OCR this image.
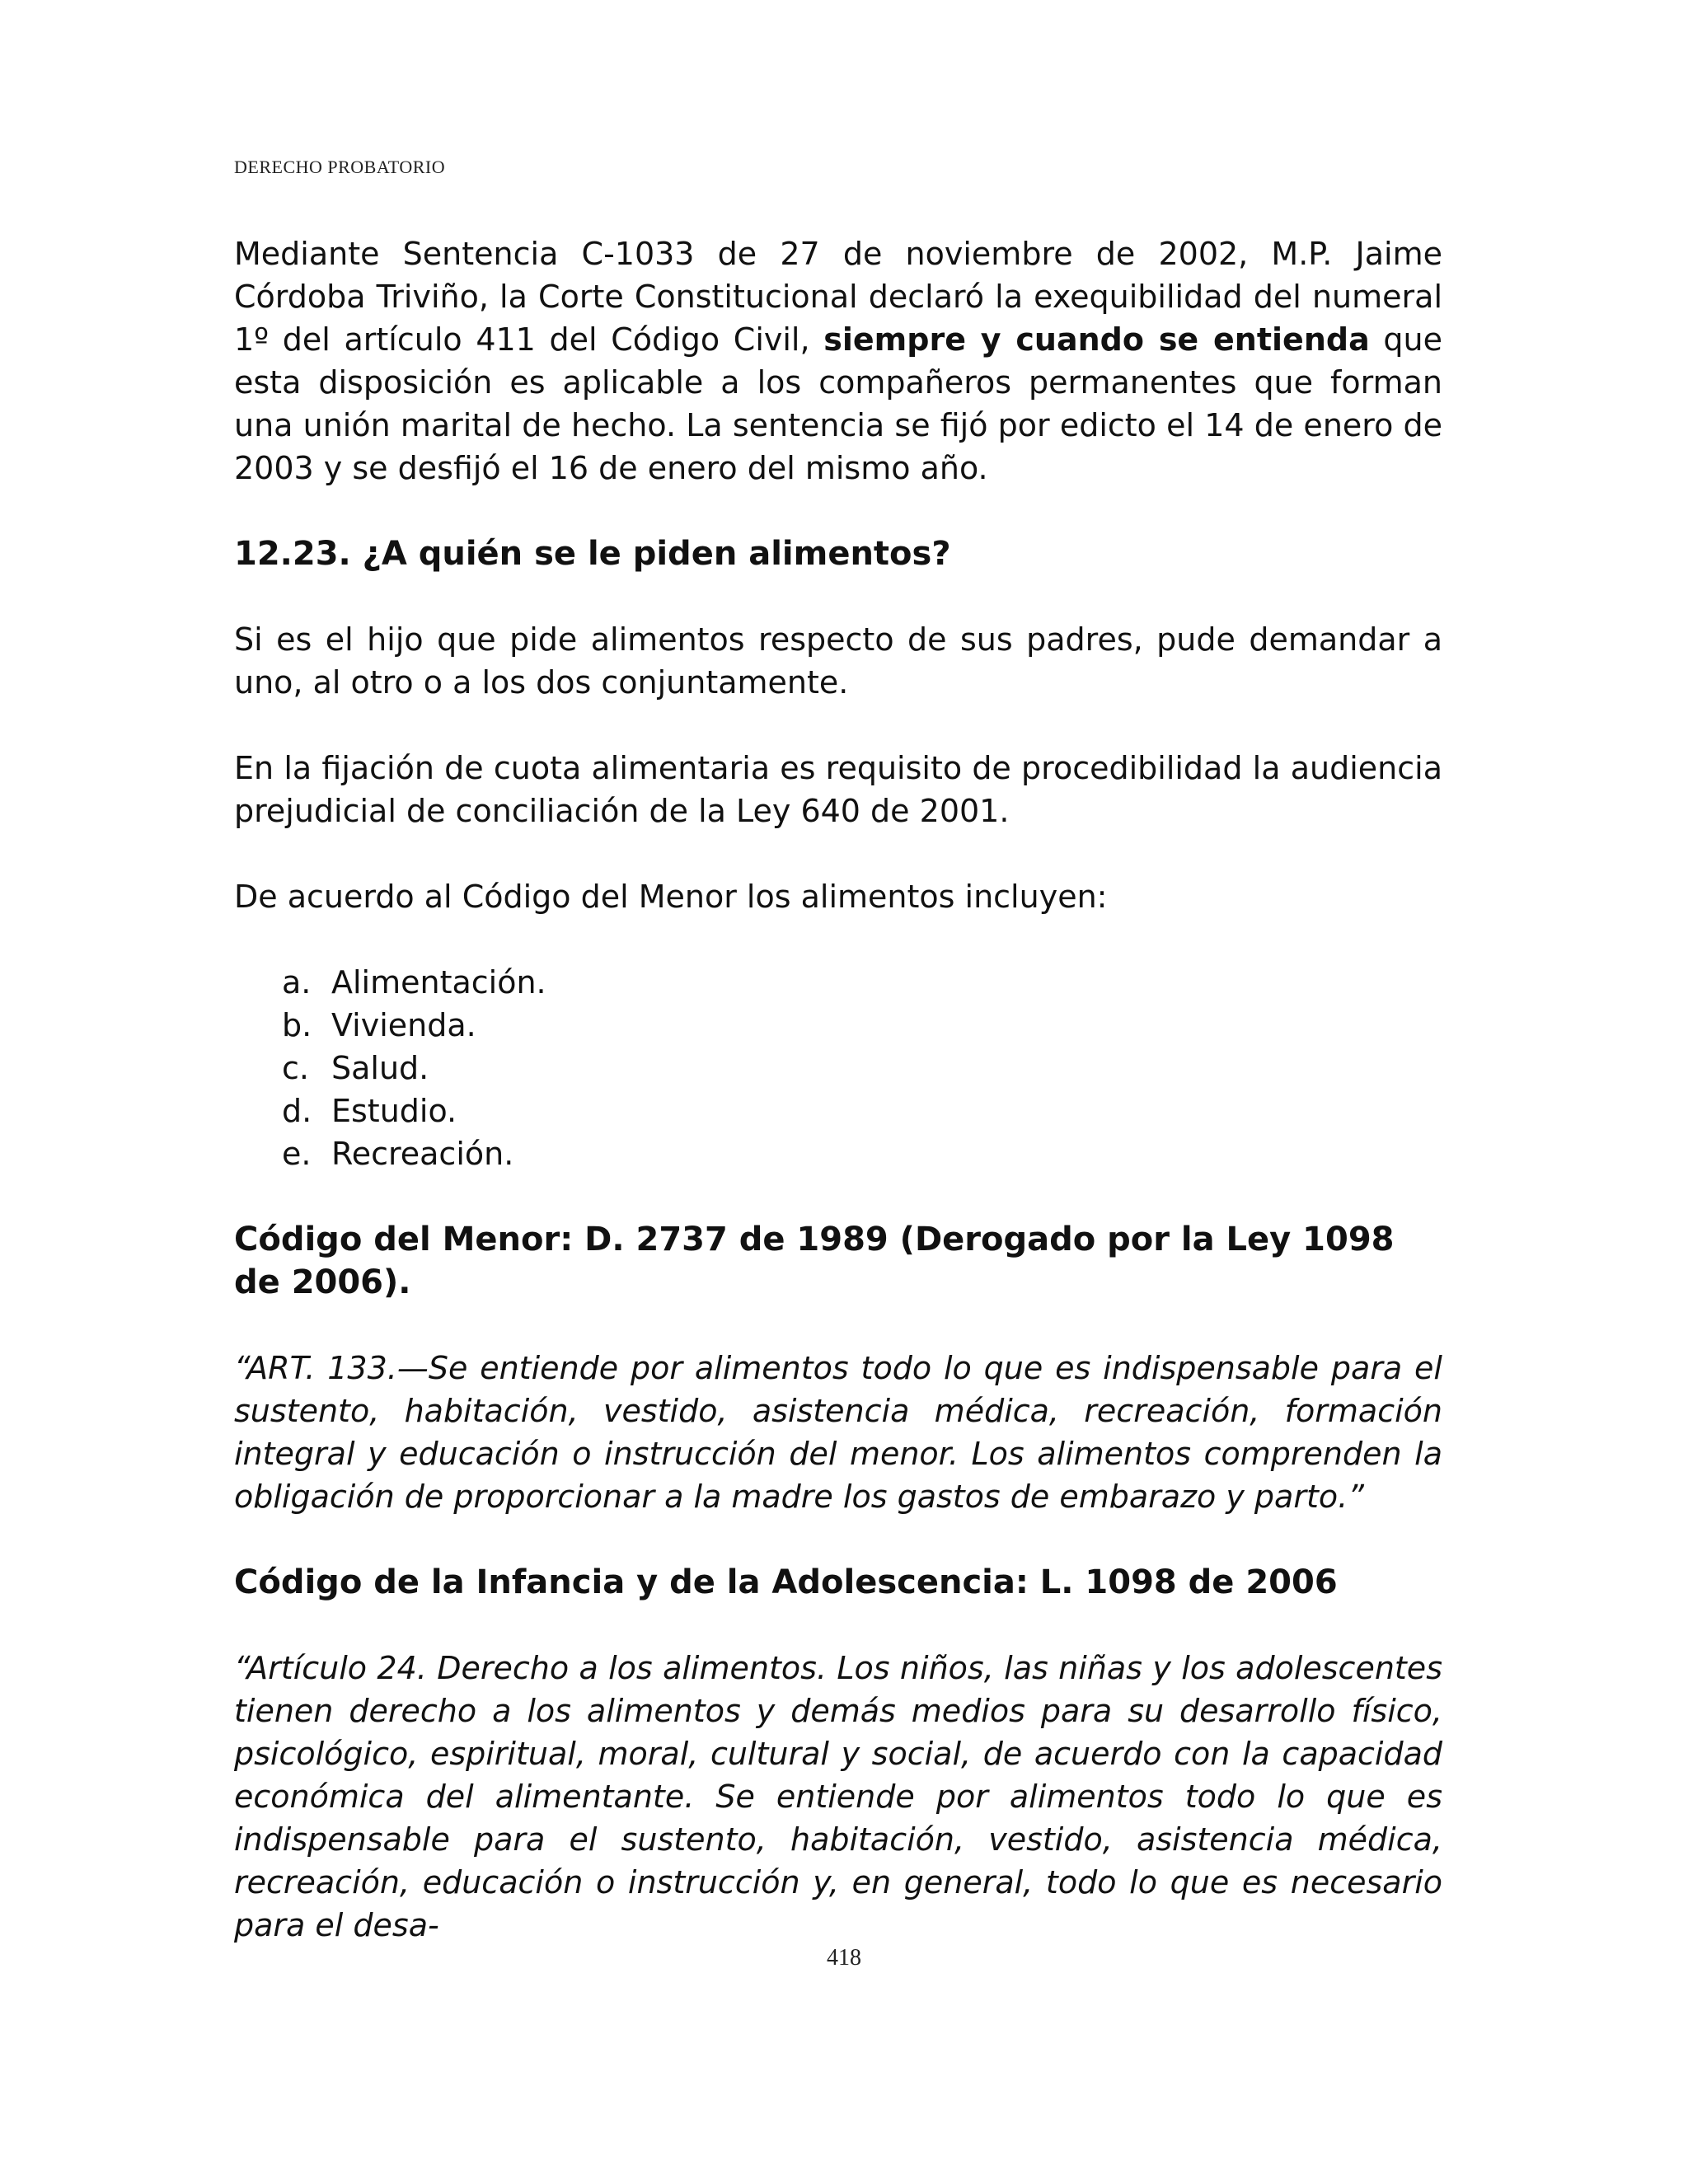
DERECHO PROBATORIO

Mediante Sentencia C-1033 de 27 de noviembre de 2002, M.P. Jaime Córdoba Triviño, la Corte Constitucional declaró la exequibilidad del numeral 1º del artículo 411 del Código Civil, siempre y cuando se entienda que esta disposición es aplicable a los compañeros permanentes que forman una unión marital de hecho. La sentencia se fijó por edicto el 14 de enero de 2003 y se desfijó el 16 de enero del mismo año.

12.23. ¿A quién se le piden alimentos?

Si es el hijo que pide alimentos respecto de sus padres, pude demandar a uno, al otro o a los dos conjuntamente.

En la fijación de cuota alimentaria es requisito de procedibilidad la audiencia prejudicial de conciliación de la Ley 640 de 2001.

De acuerdo al Código del Menor los alimentos incluyen:

a. Alimentación.
b. Vivienda.
c. Salud.
d. Estudio.
e. Recreación.
Código del Menor: D. 2737 de 1989 (Derogado por la Ley 1098 de 2006).

“ART. 133.—Se entiende por alimentos todo lo que es indispensable para el sustento, habitación, vestido, asistencia médica, recreación, formación integral y educación o instrucción del menor. Los alimentos comprenden la obligación de proporcionar a la madre los gastos de embarazo y parto.”

Código de la Infancia y de la Adolescencia: L. 1098 de 2006

“Artículo 24. Derecho a los alimentos. Los niños, las niñas y los adolescentes tienen derecho a los alimentos y demás medios para su desarrollo físico, psicológico, espiritual, moral, cultural y social, de acuerdo con la capacidad económica del alimentante. Se entiende por alimentos todo lo que es indispensable para el sustento, habitación, vestido, asistencia médica, recreación, educación o instrucción y, en general, todo lo que es necesario para el desa-

418
